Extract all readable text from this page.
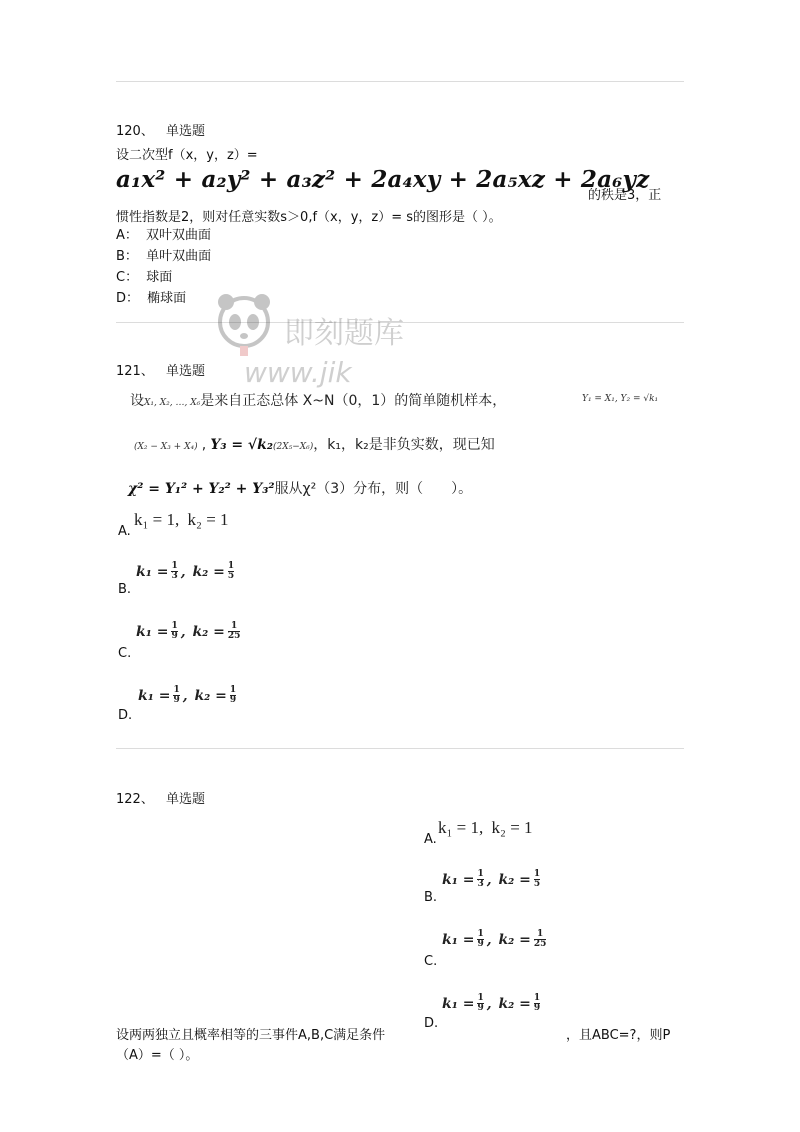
120、 单选题
设二次型f（x，y，z）=
a₁x² + a₂y² + a₃z² + 2a₄xy + 2a₅xz + 2a₆yz
的秩是3，正
惯性指数是2，则对任意实数s＞0,f（x，y，z）= s的图形是（ ）。
A： 双叶双曲面
B： 单叶双曲面
C： 球面
D： 椭球面
即刻题库
www.jik
121、 单选题
设X₁, X₂, …, X₆是来自正态总体 X~N（0，1）的简单随机样本，	Y₁ = X₁, Y₂ = √k₁
(X₂ − X₃ + X₄) , Y₃ = √k₂(2X₅−X₆)，k₁，k₂是非负实数，现已知
χ² = Y₁² + Y₂² + Y₃²服从χ²（3）分布，则（　　）。
A.
k₁ = 1,
k₂ = 1
B.
$k_1 = \frac{1}{3}$ , $k_2 = \frac{1}{5}$
C.
$k_1 = \frac{1}{9}$ , $k_2 = \frac{1}{25}$
D.
$k_1 = \frac{1}{9}$ , $k_2 = \frac{1}{9}$
122、 单选题
A.
k₁ = 1,
k₂ = 1
B.
$k_1 = \frac{1}{3}$ , $k_2 = \frac{1}{5}$
C.
$k_1 = \frac{1}{9}$ , $k_2 = \frac{1}{25}$
D.
$k_1 = \frac{1}{9}$ , $k_2 = \frac{1}{9}$
设两两独立且概率相等的三事件A,B,C满足条件	，且ABC=?，则P
（A）=（ ）。
